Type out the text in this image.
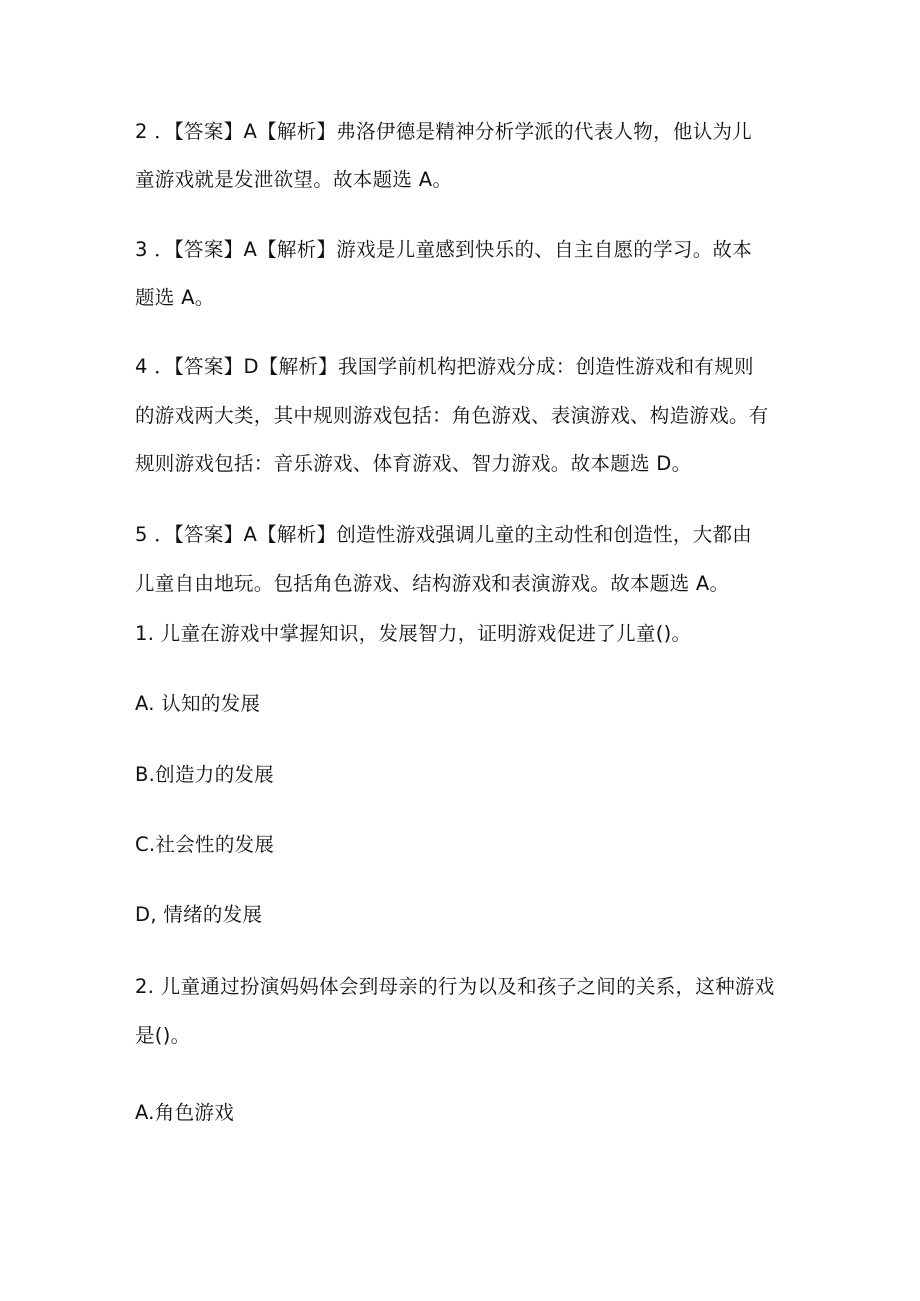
2 ．【答案】A【解析】弗洛伊德是精神分析学派的代表人物，他认为儿
童游戏就是发泄欲望。故本题选 A。
3 ．【答案】A【解析】游戏是儿童感到快乐的、自主自愿的学习。故本
题选 A。
4 ．【答案】D【解析】我国学前机构把游戏分成：创造性游戏和有规则
的游戏两大类，其中规则游戏包括：角色游戏、表演游戏、构造游戏。有
规则游戏包括：音乐游戏、体育游戏、智力游戏。故本题选 D。
5 ．【答案】A【解析】创造性游戏强调儿童的主动性和创造性，大都由
儿童自由地玩。包括角色游戏、结构游戏和表演游戏。故本题选 A。
1. 儿童在游戏中掌握知识，发展智力，证明游戏促进了儿童()。
A. 认知的发展
B.创造力的发展
C.社会性的发展
D, 情绪的发展
2. 儿童通过扮演妈妈体会到母亲的行为以及和孩子之间的关系，这种游戏
是()。
A.角色游戏
